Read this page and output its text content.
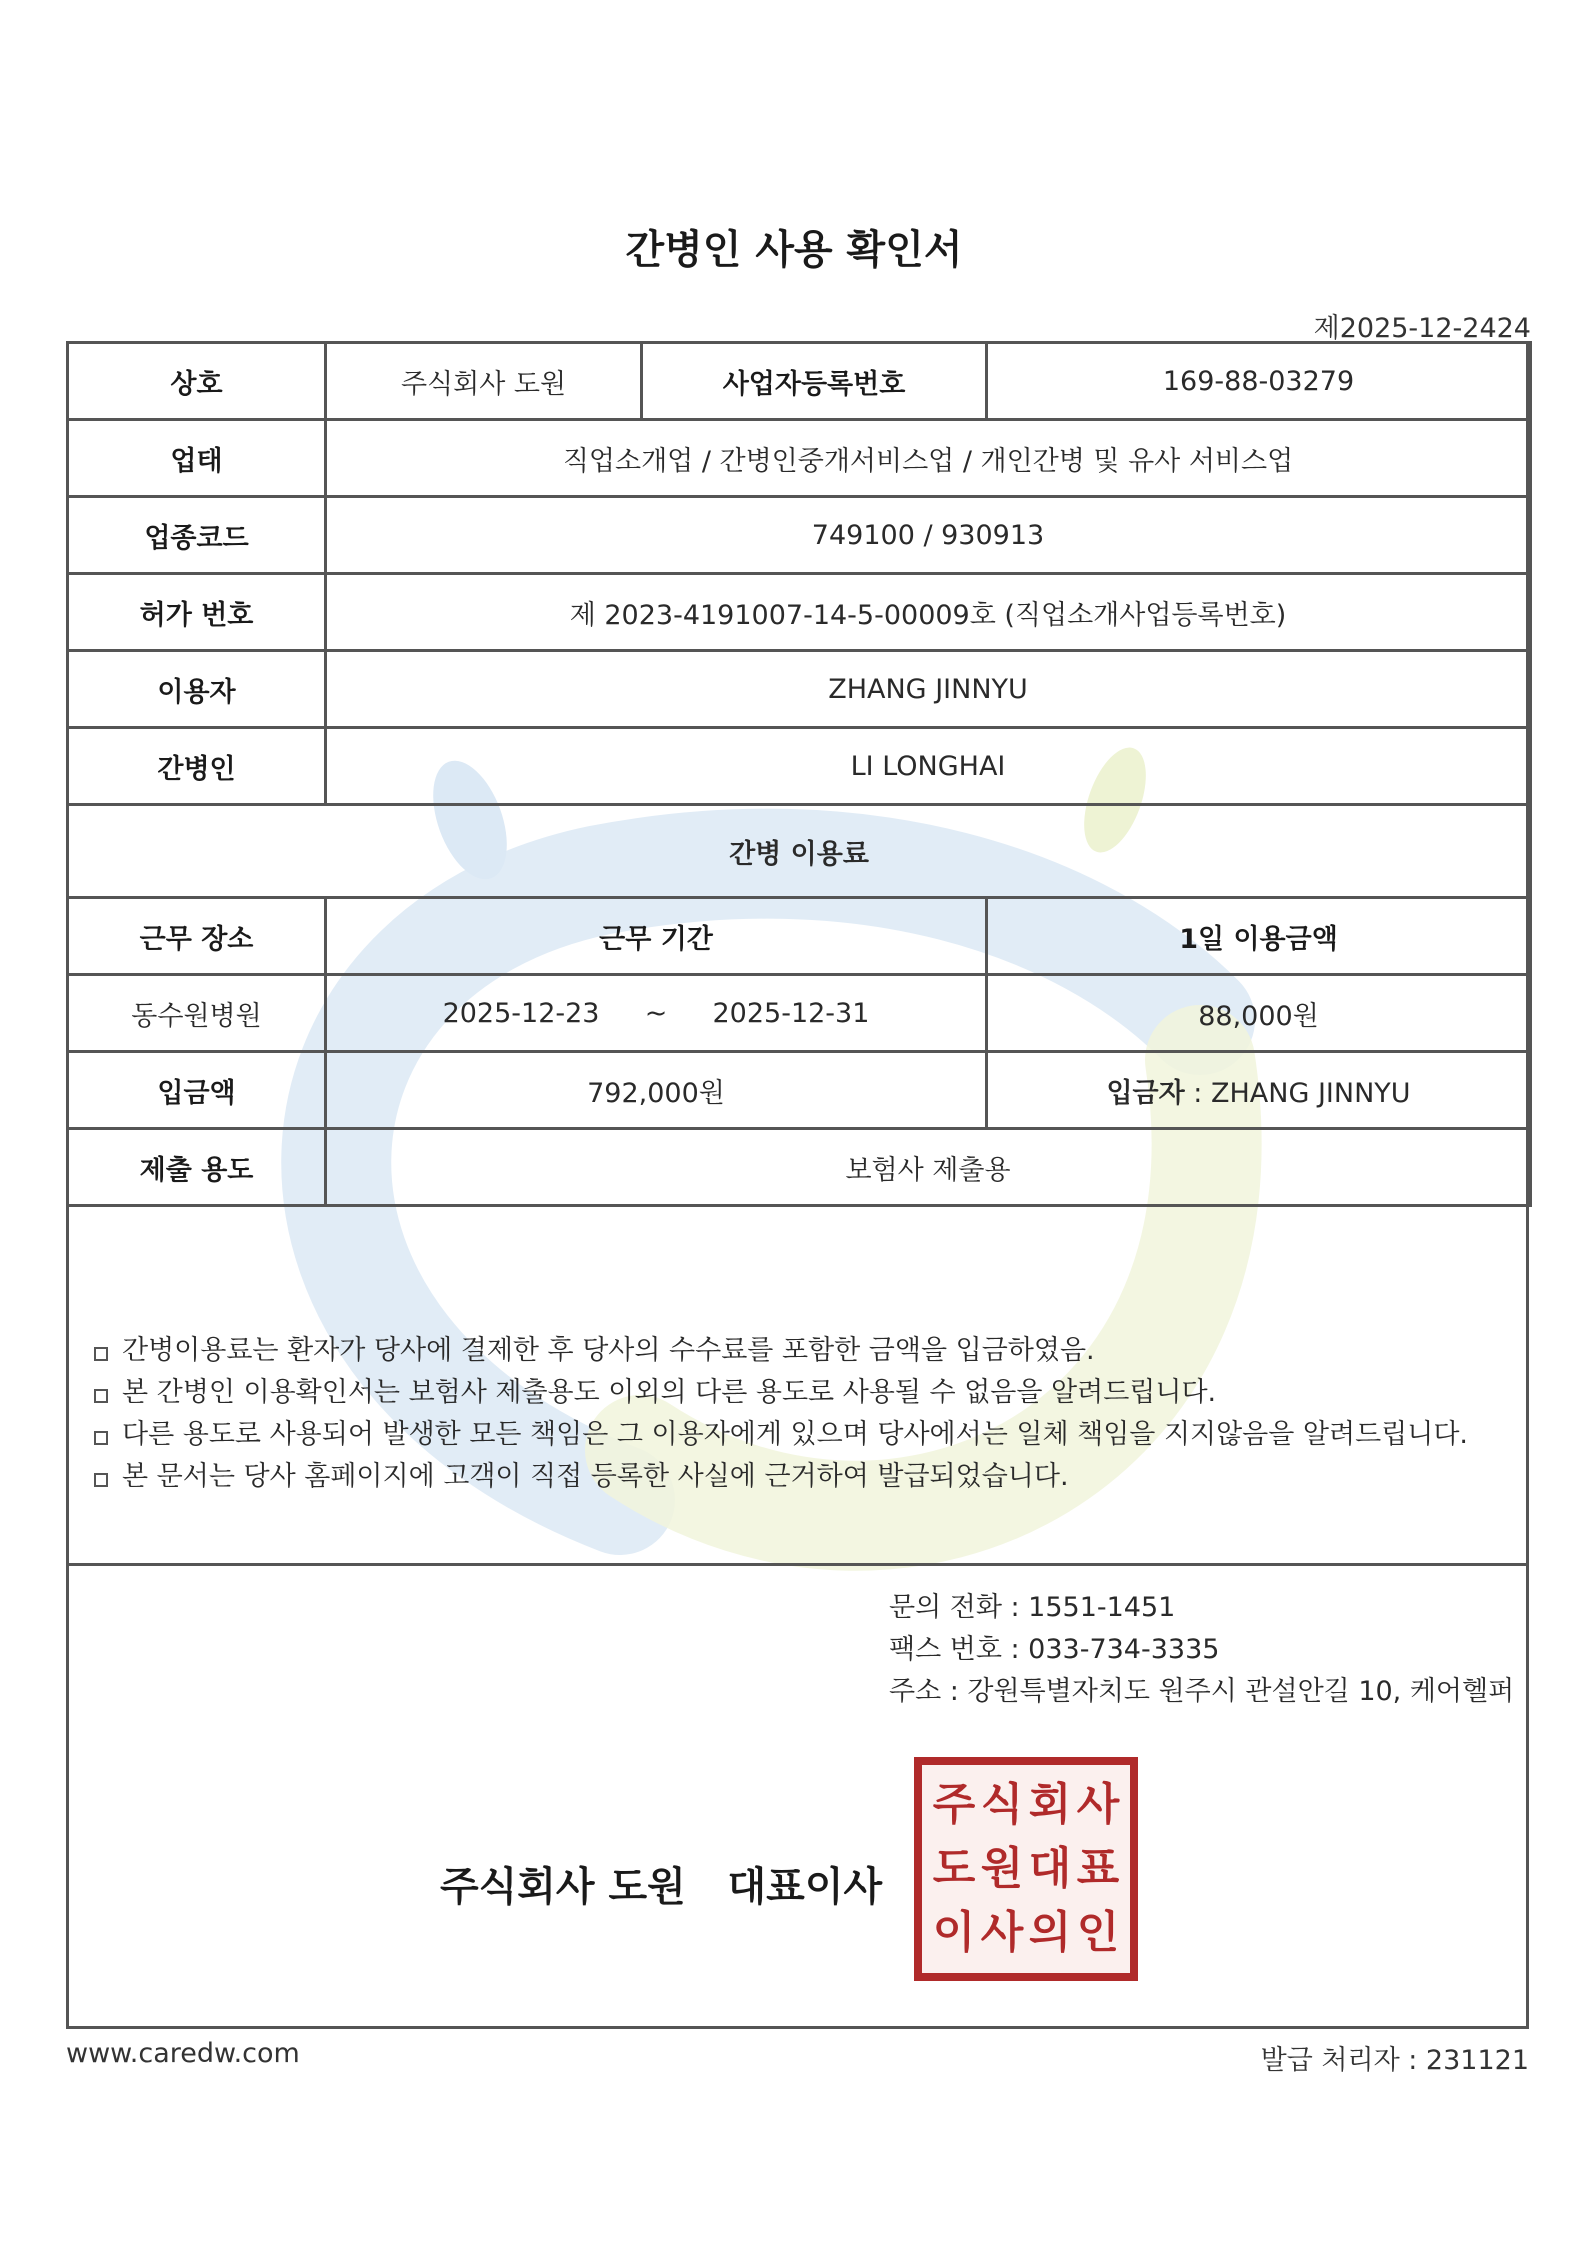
간병인 사용 확인서
제2025-12-2424
상호	주식회사 도원	사업자등록번호	169-88-03279
업태	직업소개업 / 간병인중개서비스업 / 개인간병 및 유사 서비스업		
업종코드	749100 / 930913		
허가 번호	제 2023-4191007-14-5-00009호 (직업소개사업등록번호)		
이용자	ZHANG JINNYU		
간병인	LI LONGHAI		
간병 이용료			
근무 장소	근무 기간		1일 이용금액
동수원병원	2025-12-23 ~ 2025-12-31		88,000원
입금액	792,000원		입금자 : ZHANG JINNYU
제출 용도	보험사 제출용		
간병이용료는 환자가 당사에 결제한 후 당사의 수수료를 포함한 금액을 입금하였음.
본 간병인 이용확인서는 보험사 제출용도 이외의 다른 용도로 사용될 수 없음을 알려드립니다.
다른 용도로 사용되어 발생한 모든 책임은 그 이용자에게 있으며 당사에서는 일체 책임을 지지않음을 알려드립니다.
본 문서는 당사 홈페이지에 고객이 직접 등록한 사실에 근거하여 발급되었습니다.
문의 전화 : 1551-1451
팩스 번호 : 033-734-3335
주소 : 강원특별자치도 원주시 관설안길 10, 케어헬퍼
주식회사 도원   대표이사
주 식 회 사
도 원 대 표
이 사 의 인
www.caredw.com	발급 처리자 : 231121
